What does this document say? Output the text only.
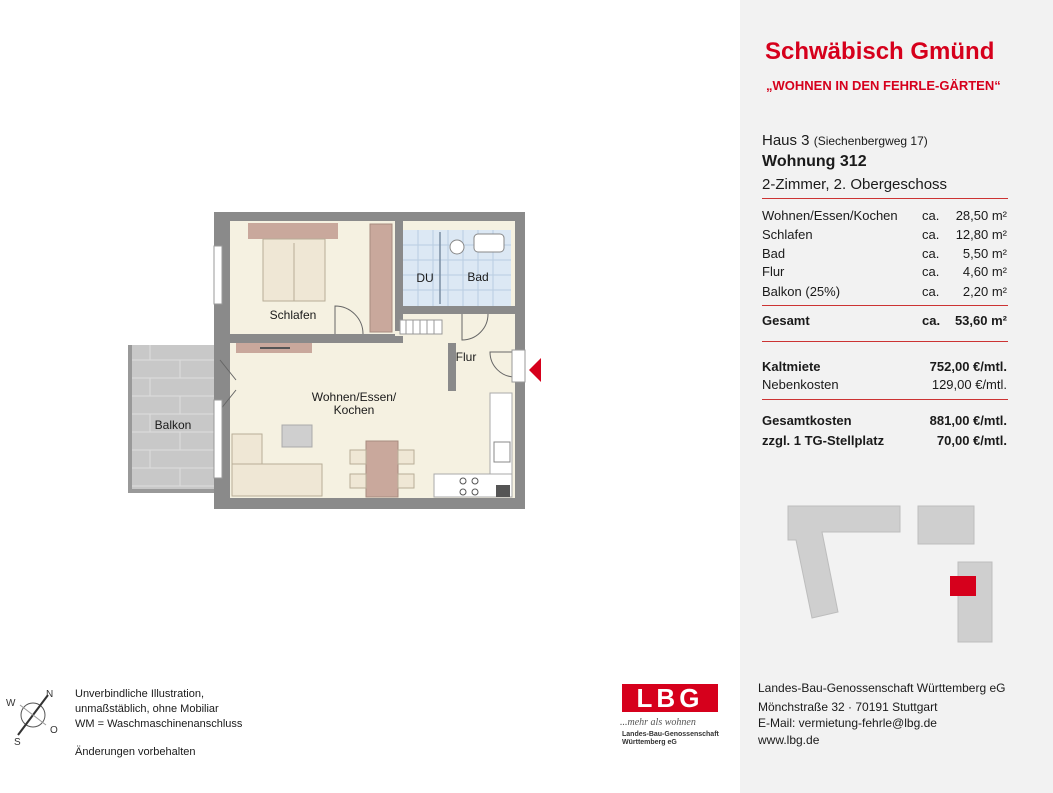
Schlafen
DU	Bad
Flur
Wohnen/Essen/
Kochen
Balkon
N
O
S
W	LBG
...mehr als wohnen
Landes-Bau-Genossenschaft
Württemberg eG
Unverbindliche Illustration,
unmaßstäblich, ohne Mobiliar
WM = Waschmaschinenanschluss
Änderungen vorbehalten
Schwäbisch Gmünd
„WOHNEN IN DEN FEHRLE-GÄRTEN“
Haus 3 (Siechenbergweg 17)
Wohnung 312
2-Zimmer, 2. Obergeschoss
Wohnen/Essen/Kochen ca. 28,50 m²
Schlafen	ca. 12,80 m²
Bad	ca. 5,50 m²
Flur	ca. 4,60 m²
Balkon (25%)	ca. 2,20 m²
Gesamt	ca. 53,60 m²
Kaltmiete	752,00 €/mtl.
Nebenkosten	129,00 €/mtl.
Gesamtkosten	881,00 €/mtl.
zzgl. 1 TG-Stellplatz	70,00 €/mtl.
Landes-Bau-Genossenschaft Württemberg eG
Mönchstraße 32 · 70191 Stuttgart
E-Mail: vermietung-fehrle@lbg.de
www.lbg.de
